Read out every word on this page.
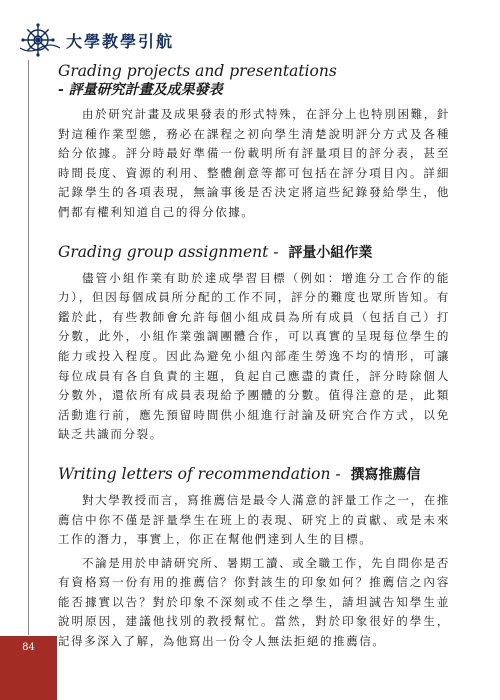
大學教學引航
Grading projects and presentations
- 評量研究計畫及成果發表

由於研究計畫及成果發表的形式特殊，在評分上也特別困難，針對這種作業型態，務必在課程之初向學生清楚說明評分方式及各種給分依據。評分時最好準備一份載明所有評量項目的評分表，甚至時間長度、資源的利用、整體創意等都可包括在評分項目內。詳細記錄學生的各項表現，無論事後是否決定將這些紀錄發給學生，他們都有權利知道自己的得分依據。

Grading group assignment - 評量小組作業

儘管小組作業有助於達成學習目標（例如：增進分工合作的能力），但因每個成員所分配的工作不同，評分的難度也眾所皆知。有鑑於此，有些教師會允許每個小組成員為所有成員（包括自己）打分數，此外，小組作業強調團體合作，可以真實的呈現每位學生的能力或投入程度。因此為避免小組內部產生勞逸不均的情形，可讓每位成員有各自負責的主題，負起自己應盡的責任，評分時除個人分數外，還依所有成員表現給予團體的分數。值得注意的是，此類活動進行前，應先預留時間供小組進行討論及研究合作方式，以免缺乏共識而分裂。

Writing letters of recommendation - 撰寫推薦信

對大學教授而言，寫推薦信是最令人滿意的評量工作之一，在推薦信中你不僅是評量學生在班上的表現、研究上的貢獻、或是未來工作的潛力，事實上，你正在幫他們達到人生的目標。

不論是用於申請研究所、暑期工讀、或全職工作，先自問你是否有資格寫一份有用的推薦信？你對該生的印象如何？推薦信之內容能否據實以告？對於印象不深刻或不佳之學生，請坦誠告知學生並說明原因，建議他找別的教授幫忙。當然，對於印象很好的學生，記得多深入了解，為他寫出一份令人無法拒絕的推薦信。

84
